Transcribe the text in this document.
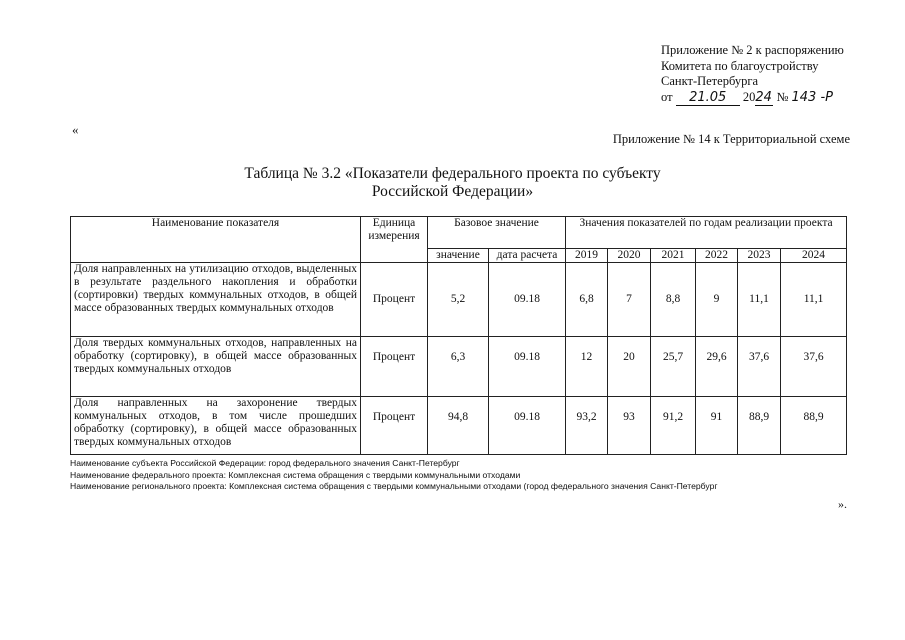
Приложение № 2 к распоряжению
Комитета по благоустройству
Санкт-Петербурга
от 21.05 2024 № 143 -Р
«
Приложение № 14 к Территориальной схеме
Таблица № 3.2 «Показатели федерального проекта по субъекту
Российской Федерации»
Наименование показателя	Единица измерения	Базовое значение		Значения показателей по годам реализации проекта					
		значение	дата расчета	2019	2020	2021	2022	2023	2024
Доля направленных на утилизацию отходов, выделенных в результате раздельного накопления и обработки (сортировки) твердых коммунальных отходов, в общей массе образованных твердых коммунальных отходов	Процент	5,2	09.18	6,8	7	8,8	9	11,1	11,1
Доля твердых коммунальных отходов, направленных на обработку (сортировку), в общей массе образованных твердых коммунальных отходов	Процент	6,3	09.18	12	20	25,7	29,6	37,6	37,6
Доля направленных на захоронение твердых коммунальных отходов, в том числе прошедших обработку (сортировку), в общей массе образованных твердых коммунальных отходов	Процент	94,8	09.18	93,2	93	91,2	91	88,9	88,9
Наименование субъекта Российской Федерации: город федерального значения Санкт-Петербург
Наименование федерального проекта: Комплексная система обращения с твердыми коммунальными отходами
Наименование регионального проекта: Комплексная система обращения с твердыми коммунальными отходами (город федерального значения Санкт-Петербург
».
